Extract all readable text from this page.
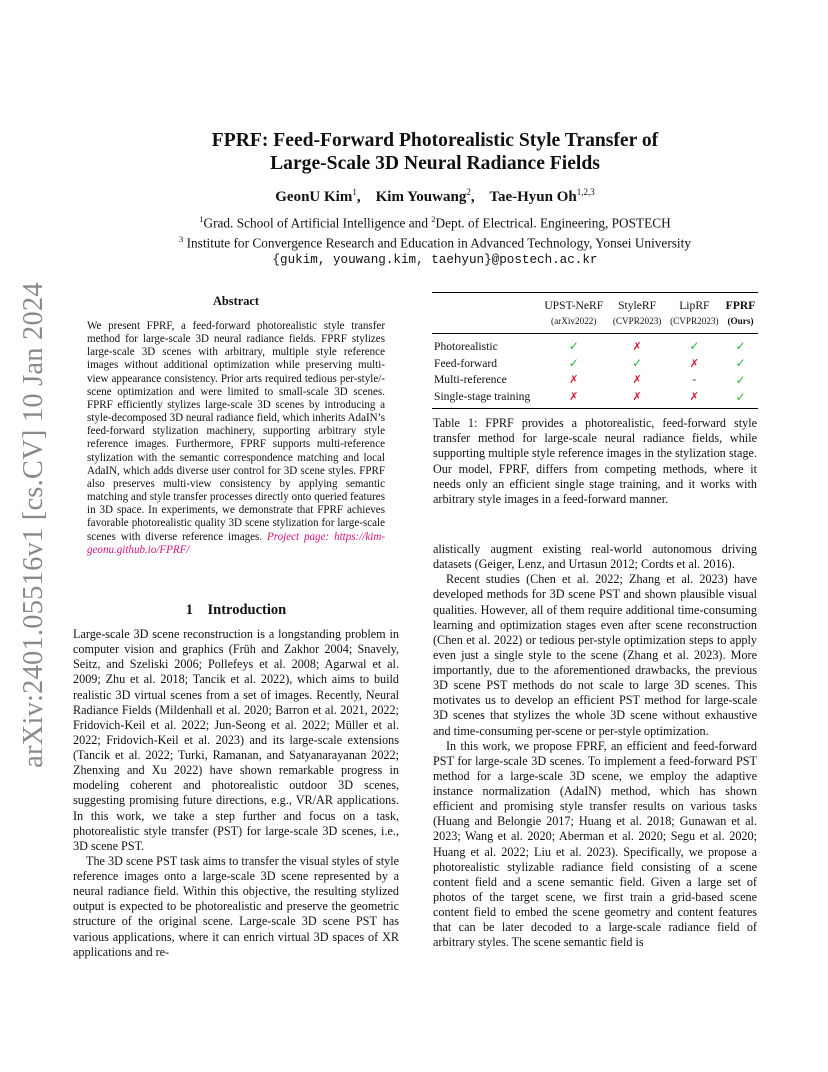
arXiv:2401.05516v1 [cs.CV] 10 Jan 2024
FPRF: Feed-Forward Photorealistic Style Transfer of
Large-Scale 3D Neural Radiance Fields
GeonU Kim$^1$,    Kim Youwang$^2$,    Tae-Hyun Oh$^{1,2,3}$
$^1$Grad. School of Artificial Intelligence and $^2$Dept. of Electrical. Engineering, POSTECH
$^3$ Institute for Convergence Research and Education in Advanced Technology, Yonsei University
{gukim, youwang.kim, taehyun}@postech.ac.kr
Abstract
We present FPRF, a feed-forward photorealistic style transfer method for large-scale 3D neural radiance fields. FPRF stylizes large-scale 3D scenes with arbitrary, multiple style reference images without additional optimization while preserving multi-view appearance consistency. Prior arts required tedious per-style/-scene optimization and were limited to small-scale 3D scenes. FPRF efficiently stylizes large-scale 3D scenes by introducing a style-decomposed 3D neural radiance field, which inherits AdaIN’s feed-forward stylization machinery, supporting arbitrary style reference images. Furthermore, FPRF supports multi-reference stylization with the semantic correspondence matching and local AdaIN, which adds diverse user control for 3D scene styles. FPRF also preserves multi-view consistency by applying semantic matching and style transfer processes directly onto queried features in 3D space. In experiments, we demonstrate that FPRF achieves favorable photorealistic quality 3D scene stylization for large-scale scenes with diverse reference images. Project page: https://kim-geonu.github.io/FPRF/
1 Introduction

Large-scale 3D scene reconstruction is a longstanding problem in computer vision and graphics (Früh and Zakhor 2004; Snavely, Seitz, and Szeliski 2006; Pollefeys et al. 2008; Agarwal et al. 2009; Zhu et al. 2018; Tancik et al. 2022), which aims to build realistic 3D virtual scenes from a set of images. Recently, Neural Radiance Fields (Mildenhall et al. 2020; Barron et al. 2021, 2022; Fridovich-Keil et al. 2022; Jun-Seong et al. 2022; Müller et al. 2022; Fridovich-Keil et al. 2023) and its large-scale extensions (Tancik et al. 2022; Turki, Ramanan, and Satyanarayanan 2022; Zhenxing and Xu 2022) have shown remarkable progress in modeling coherent and photorealistic outdoor 3D scenes, suggesting promising future directions, e.g., VR/AR applications. In this work, we take a step further and focus on a task, photorealistic style transfer (PST) for large-scale 3D scenes, i.e., 3D scene PST.

The 3D scene PST task aims to transfer the visual styles of style reference images onto a large-scale 3D scene represented by a neural radiance field. Within this objective, the resulting stylized output is expected to be photorealistic and preserve the geometric structure of the original scene. Large-scale 3D scene PST has various applications, where it can enrich virtual 3D spaces of XR applications and re-

	UPST-NeRF	StyleRF	LipRF	FPRF
	(arXiv2022)	(CVPR2023)	(CVPR2023)	(Ours)
Photorealistic	✓	✗	✓	✓
Feed-forward	✓	✓	✗	✓
Multi-reference	✗	✗	-	✓
Single-stage training	✗	✗	✗	✓
Table 1: FPRF provides a photorealistic, feed-forward style transfer method for large-scale neural radiance fields, while supporting multiple style reference images in the stylization stage. Our model, FPRF, differs from competing methods, where it needs only an efficient single stage training, and it works with arbitrary style images in a feed-forward manner.

alistically augment existing real-world autonomous driving datasets (Geiger, Lenz, and Urtasun 2012; Cordts et al. 2016).

Recent studies (Chen et al. 2022; Zhang et al. 2023) have developed methods for 3D scene PST and shown plausible visual qualities. However, all of them require additional time-consuming learning and optimization stages even after scene reconstruction (Chen et al. 2022) or tedious per-style optimization steps to apply even just a single style to the scene (Zhang et al. 2023). More importantly, due to the aforementioned drawbacks, the previous 3D scene PST methods do not scale to large 3D scenes. This motivates us to develop an efficient PST method for large-scale 3D scenes that stylizes the whole 3D scene without exhaustive and time-consuming per-scene or per-style optimization.

In this work, we propose FPRF, an efficient and feed-forward PST for large-scale 3D scenes. To implement a feed-forward PST method for a large-scale 3D scene, we employ the adaptive instance normalization (AdaIN) method, which has shown efficient and promising style transfer results on various tasks (Huang and Belongie 2017; Huang et al. 2018; Gunawan et al. 2023; Wang et al. 2020; Aberman et al. 2020; Segu et al. 2020; Huang et al. 2022; Liu et al. 2023). Specifically, we propose a photorealistic stylizable radiance field consisting of a scene content field and a scene semantic field. Given a large set of photos of the target scene, we first train a grid-based scene content field to embed the scene geometry and content features that can be later decoded to a large-scale radiance field of arbitrary styles. The scene semantic field is
